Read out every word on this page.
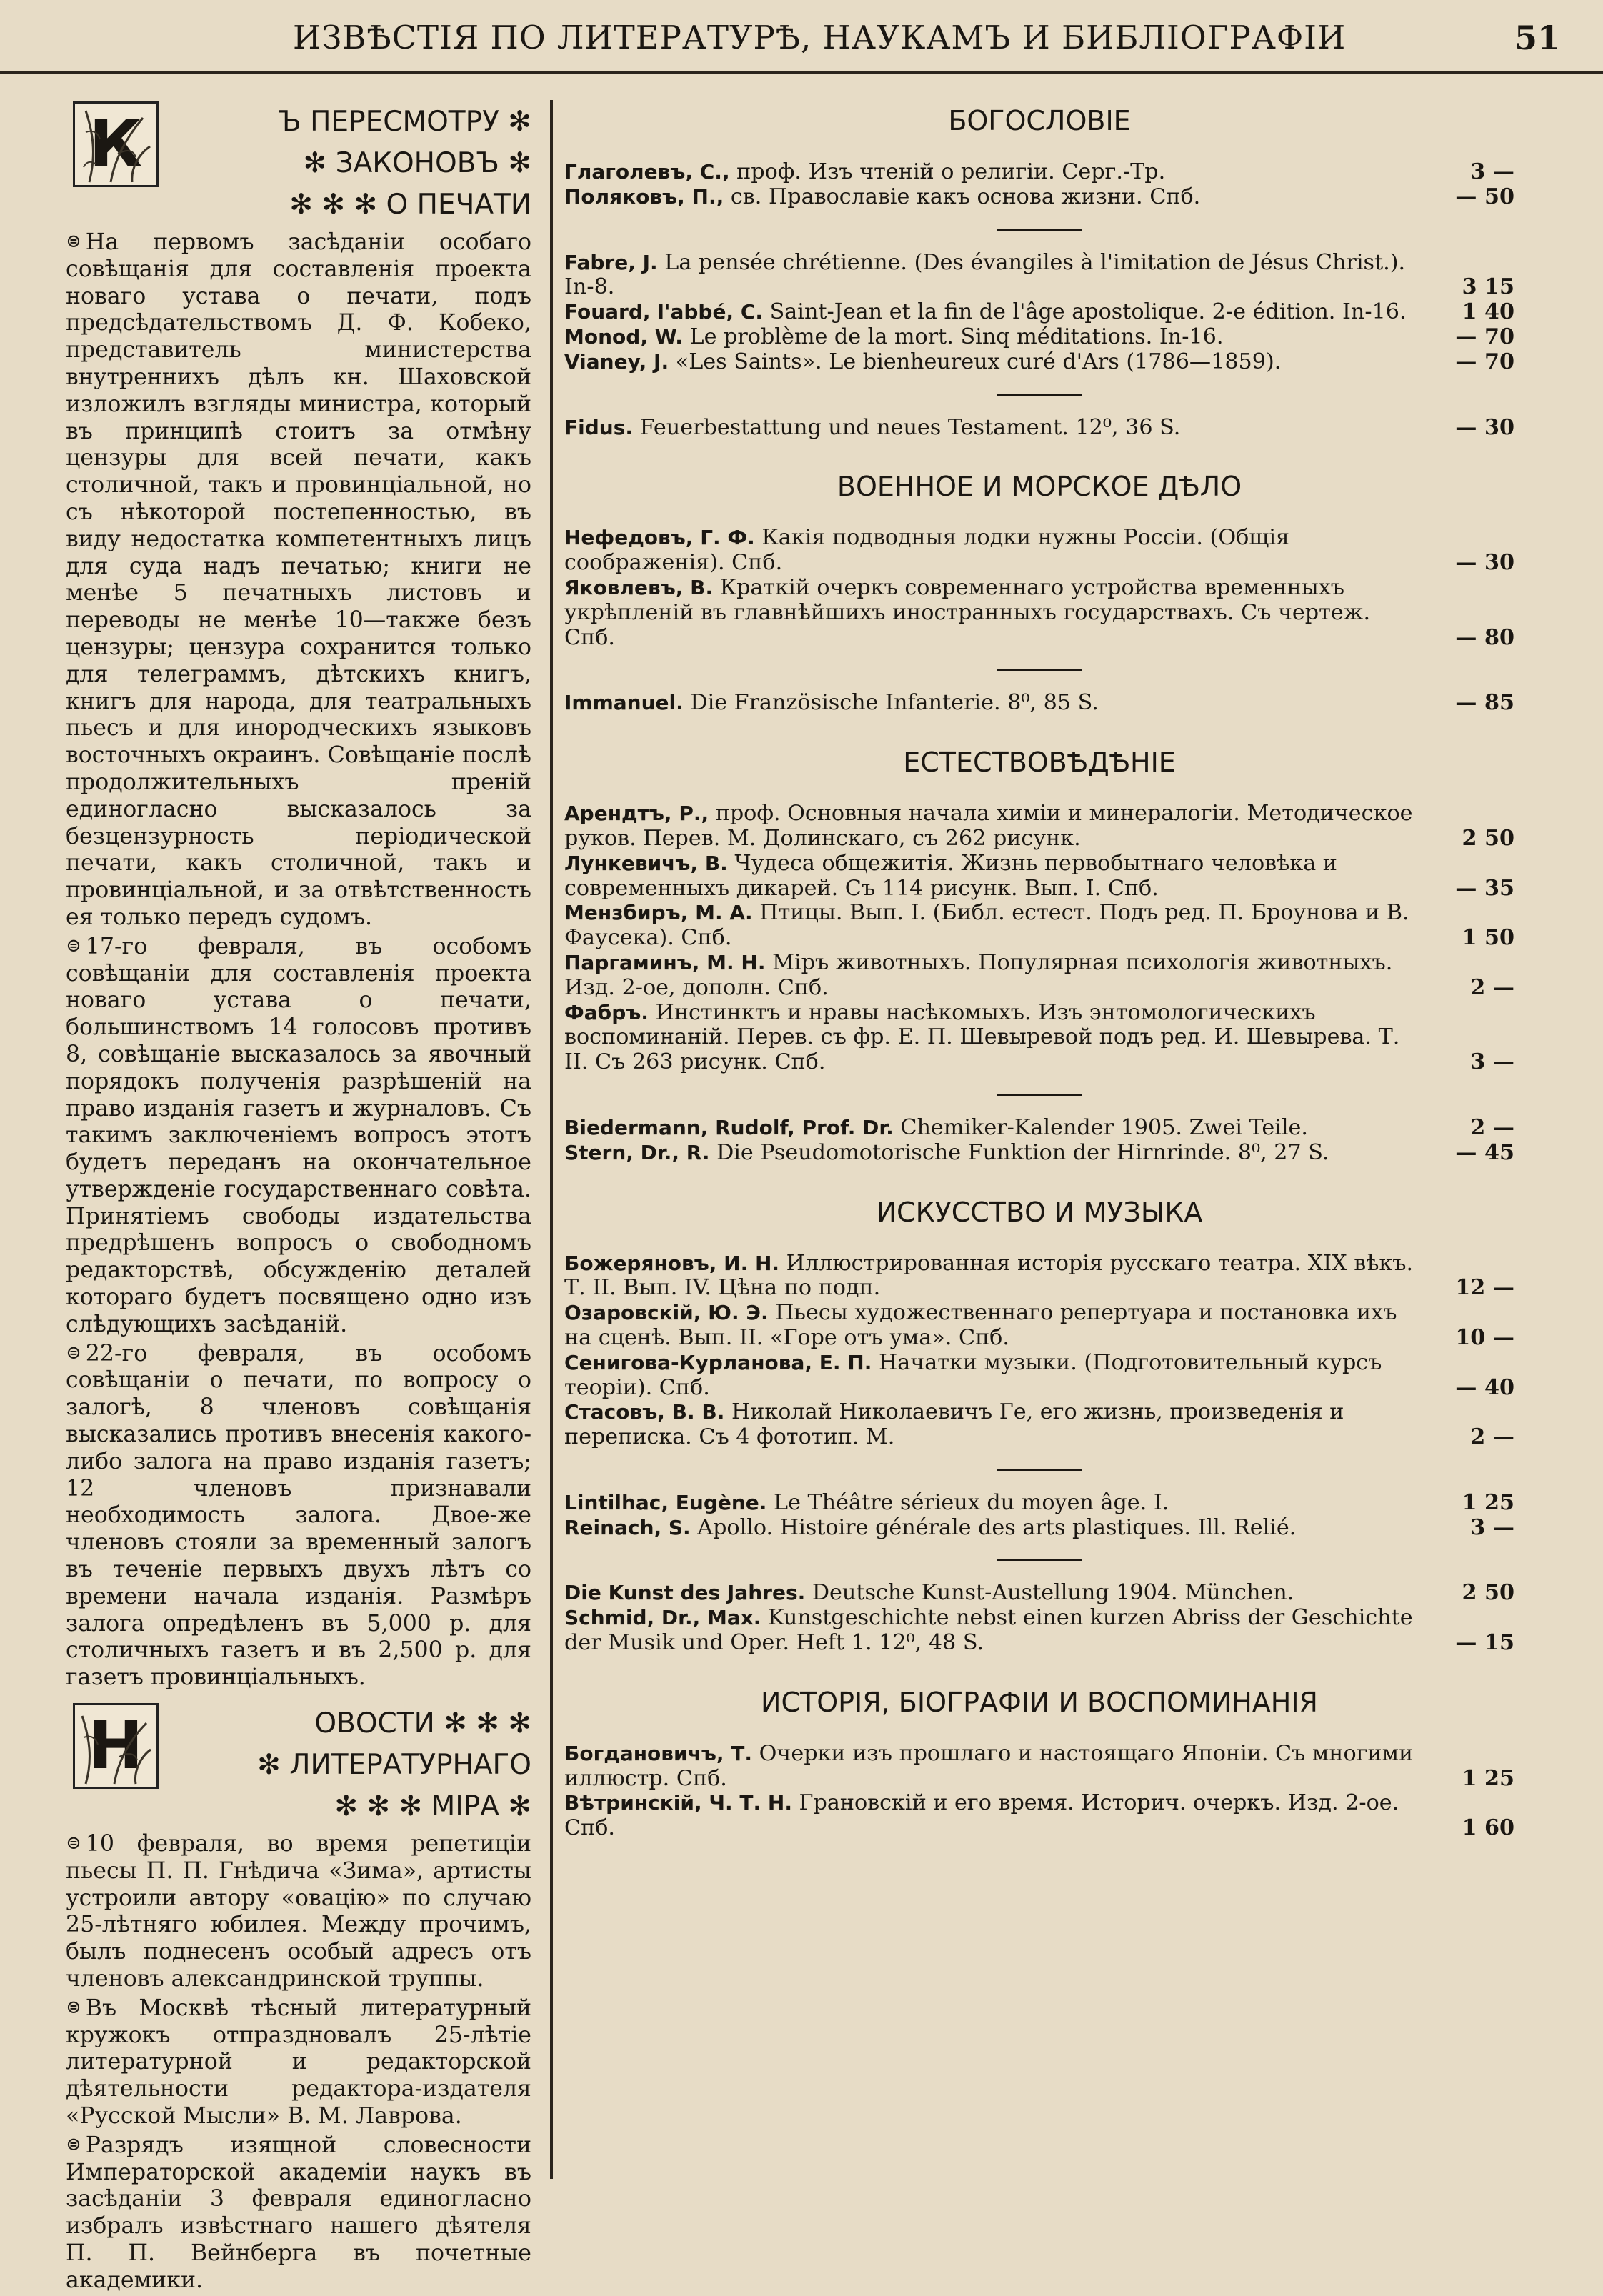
ИЗВѢСТІЯ ПО ЛИТЕРАТУРѢ, НАУКАМЪ И БИБЛІОГРАФІИ	51
К	Ъ ПЕРЕСМОТРУ ✻
✻ ЗАКОНОВЪ ✻
✻ ✻ ✻ О ПЕЧАТИ

⊜ На первомъ засѣданіи особаго совѣщанія для составленія проекта новаго устава о печати, подъ предсѣдательствомъ Д. Ф. Кобеко, представитель министерства внутреннихъ дѣлъ кн. Шаховской изложилъ взгляды министра, который въ принципѣ стоитъ за отмѣну цензуры для всей печати, какъ столичной, такъ и провинціальной, но съ нѣкоторой постепенностью, въ виду недостатка компетентныхъ лицъ для суда надъ печатью; книги не менѣе 5 печатныхъ листовъ и переводы не менѣе 10—также безъ цензуры; цензура сохранится только для телеграммъ, дѣтскихъ книгъ, книгъ для народа, для театральныхъ пьесъ и для инородческихъ языковъ восточныхъ окраинъ. Совѣщаніе послѣ продолжительныхъ преній единогласно высказалось за безцензурность періодической печати, какъ столичной, такъ и провинціальной, и за отвѣтственность ея только передъ судомъ.

⊜ 17-го февраля, въ особомъ совѣщаніи для составленія проекта новаго устава о печати, большинствомъ 14 голосовъ противъ 8, совѣщаніе высказалось за явочный порядокъ полученія разрѣшеній на право изданія газетъ и журналовъ. Съ такимъ заключеніемъ вопросъ этотъ будетъ переданъ на окончательное утвержденіе государственнаго совѣта. Принятіемъ свободы издательства предрѣшенъ вопросъ о свободномъ редакторствѣ, обсужденію деталей котораго будетъ посвящено одно изъ слѣдующихъ засѣданій.

⊜ 22-го февраля, въ особомъ совѣщаніи о печати, по вопросу о залогѣ, 8 членовъ совѣщанія высказались противъ внесенія какого-либо залога на право изданія газетъ; 12 членовъ признавали необходимость залога. Двое-же членовъ стояли за временный залогъ въ теченіе первыхъ двухъ лѣтъ со времени начала изданія. Размѣръ залога опредѣленъ въ 5,000 р. для столичныхъ газетъ и въ 2,500 р. для газетъ провинціальныхъ.

Н	ОВОСТИ ✻ ✻ ✻
✻ ЛИТЕРАТУРНАГО
✻ ✻ ✻ МІРА ✻

⊜ 10 февраля, во время репетиціи пьесы П. П. Гнѣдича «Зима», артисты устроили автору «овацію» по случаю 25-лѣтняго юбилея. Между прочимъ, былъ поднесенъ особый адресъ отъ членовъ александринской труппы.

⊜ Въ Москвѣ тѣсный литературный кружокъ отпраздновалъ 25-лѣтіе литературной и редакторской дѣятельности редактора-издателя «Русской Мысли» В. М. Лаврова.

⊜ Разрядъ изящной словесности Императорской академіи наукъ въ засѣданіи 3 февраля единогласно избралъ извѣстнаго нашего дѣятеля П. П. Вейнберга въ почетные академики.

БОГОСЛОВІЕ

Глаголевъ, С., проф. Изъ чтеній о религіи. Серг.-Тр.	3 —

Поляковъ, П., св. Православіе какъ основа жизни. Спб.	— 50

Fabre, J. La pensée chrétienne. (Des évangiles à l'imitation de Jésus Christ.). In-8.	3 15

Fouard, l'abbé, C. Saint-Jean et la fin de l'âge apostolique. 2-e édition. In-16.	1 40

Monod, W. Le problème de la mort. Sinq méditations. In-16.	— 70

Vianey, J. «Les Saints». Le bienheureux curé d'Ars (1786—1859).	— 70

Fidus. Feuerbestattung und neues Testament. 12⁰, 36 S.	— 30

ВОЕННОЕ И МОРСКОЕ ДѢЛО

Нефедовъ, Г. Ф. Какія подводныя лодки нужны Россіи. (Общія соображенія). Спб.	— 30

Яковлевъ, В. Краткій очеркъ современнаго устройства временныхъ укрѣпленій въ главнѣйшихъ иностранныхъ государствахъ. Съ чертеж. Спб.	— 80

Immanuel. Die Französische Infanterie. 8⁰, 85 S.	— 85

ЕСТЕСТВОВѢДѢНІЕ

Арендтъ, Р., проф. Основныя начала химіи и минералогіи. Методическое руков. Перев. М. Долинскаго, съ 262 рисунк.	2 50

Лункевичъ, В. Чудеса общежитія. Жизнь первобытнаго человѣка и современныхъ дикарей. Съ 114 рисунк. Вып. I. Спб.	— 35

Мензбиръ, М. А. Птицы. Вып. I. (Библ. естест. Подъ ред. П. Броунова и В. Фаусека). Спб.	1 50

Паргаминъ, М. Н. Міръ животныхъ. Популярная психологія животныхъ. Изд. 2-ое, дополн. Спб.	2 —

Фабръ. Инстинктъ и нравы насѣкомыхъ. Изъ энтомологическихъ воспоминаній. Перев. съ фр. Е. П. Шевыревой подъ ред. И. Шевырева. Т. II. Съ 263 рисунк. Спб.	3 —

Biedermann, Rudolf, Prof. Dr. Chemiker-Kalender 1905. Zwei Teile.	2 —

Stern, Dr., R. Die Pseudomotorische Funktion der Hirnrinde. 8⁰, 27 S.	— 45

ИСКУССТВО И МУЗЫКА

Божеряновъ, И. Н. Иллюстрированная исторія русскаго театра. XIX вѣкъ. Т. II. Вып. IV. Цѣна по подп.	12 —

Озаровскій, Ю. Э. Пьесы художественнаго репертуара и постановка ихъ на сценѣ. Вып. II. «Горе отъ ума». Спб.	10 —

Сенигова-Курланова, Е. П. Начатки музыки. (Подготовительный курсъ теоріи). Спб.	— 40

Стасовъ, В. В. Николай Николаевичъ Ге, его жизнь, произведенія и переписка. Съ 4 фототип. М.	2 —

Lintilhac, Eugène. Le Théâtre sérieux du moyen âge. I.	1 25

Reinach, S. Apollo. Histoire générale des arts plastiques. Ill. Relié.	3 —

Die Kunst des Jahres. Deutsche Kunst-Austellung 1904. München.	2 50

Schmid, Dr., Max. Kunstgeschichte nebst einen kurzen Abriss der Geschichte der Musik und Oper. Heft 1. 12⁰, 48 S.	— 15

ИСТОРІЯ, БІОГРАФІИ И ВОСПОМИНАНІЯ

Богдановичъ, Т. Очерки изъ прошлаго и настоящаго Японіи. Съ многими иллюстр. Спб.	1 25

Вѣтринскій, Ч. Т. Н. Грановскій и его время. Историч. очеркъ. Изд. 2-ое. Спб.	1 60
